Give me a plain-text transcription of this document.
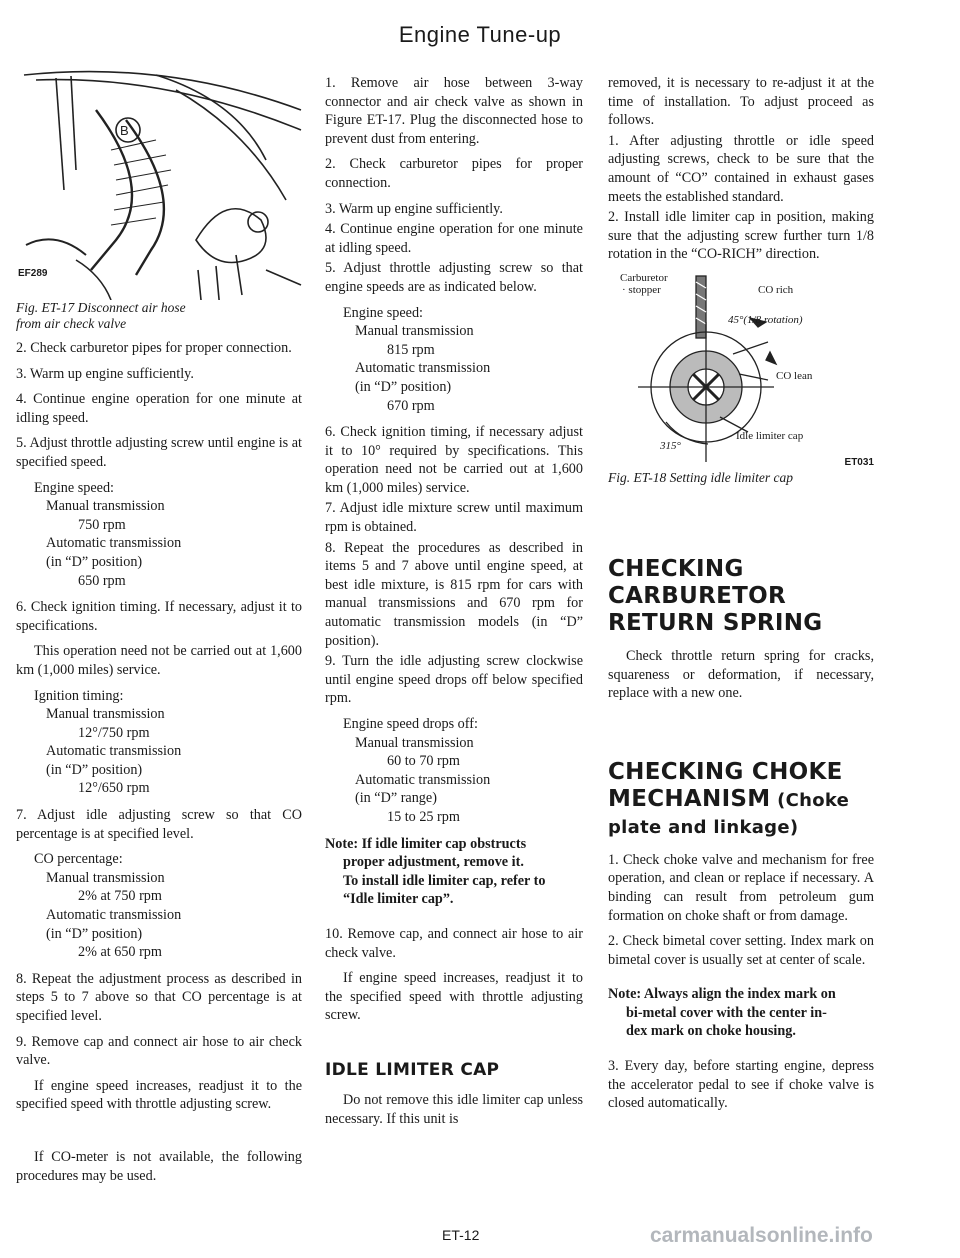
Engine Tune-up
B
EF289

Fig. ET-17 Disconnect air hose
from air check valve

2. Check carburetor pipes for proper connection.

3. Warm up engine sufficiently.

4. Continue engine operation for one minute at idling speed.

5. Adjust throttle adjusting screw until engine is at specified speed.

Engine speed:
Manual transmission
750 rpm
Automatic transmission
(in “D” position)
650 rpm

6. Check ignition timing. If necessary, adjust it to specifications.

This operation need not be carried out at 1,600 km (1,000 miles) service.

Ignition timing:
Manual transmission
12°/750 rpm
Automatic transmission
(in “D” position)
12°/650 rpm

7. Adjust idle adjusting screw so that CO percentage is at specified level.

CO percentage:
Manual transmission
2% at 750 rpm
Automatic transmission
(in “D” position)
2% at 650 rpm

8. Repeat the adjustment process as described in steps 5 to 7 above so that CO percentage is at specified level.

9. Remove cap and connect air hose to air check valve.

If engine speed increases, readjust it to the specified speed with throttle adjusting screw.

If CO-meter is not available, the following procedures may be used.

1. Remove air hose between 3-way connector and air check valve as shown in Figure ET-17. Plug the disconnected hose to prevent dust from entering.

2. Check carburetor pipes for proper connection.

3. Warm up engine sufficiently.

4. Continue engine operation for one minute at idling speed.

5. Adjust throttle adjusting screw so that engine speeds are as indicated below.

Engine speed:
Manual transmission
815 rpm
Automatic transmission
(in “D” position)
670 rpm

6. Check ignition timing, if necessary adjust it to 10° required by specifications. This operation need not be carried out at 1,600 km (1,000 miles) service.

7. Adjust idle mixture screw until maximum rpm is obtained.

8. Repeat the procedures as described in items 5 and 7 above until engine speed, at best idle mixture, is 815 rpm for cars with manual transmissions and 670 rpm for automatic transmission models (in “D” position).

9. Turn the idle adjusting screw clockwise until engine speed drops off below specified rpm.

Engine speed drops off:
Manual transmission
60 to 70 rpm
Automatic transmission
(in “D” range)
15 to 25 rpm
Note: If idle limiter cap obstructs
proper adjustment, remove it.
To install idle limiter cap, refer to
“Idle limiter cap”.

10. Remove cap, and connect air hose to air check valve.

If engine speed increases, readjust it to the specified speed with throttle adjusting screw.

IDLE LIMITER CAP

Do not remove this idle limiter cap unless necessary. If this unit is

removed, it is necessary to re-adjust it at the time of installation. To adjust proceed as follows.

1. After adjusting throttle or idle speed adjusting screws, check to be sure that the amount of “CO” contained in exhaust gases meets the established standard.

2. Install idle limiter cap in position, making sure that the adjusting screw further turn 1/8 rotation in the “CO-RICH” direction.

Carburetor
· stopper	CO rich
45°(1/8 rotation)
CO lean
315°
Idle limiter cap
ET031

Fig. ET-18 Setting idle limiter cap

CHECKING
CARBURETOR
RETURN SPRING

Check throttle return spring for cracks, squareness or deformation, if necessary, replace with a new one.

CHECKING CHOKE
MECHANISM (Choke
plate and linkage)

1. Check choke valve and mechanism for free operation, and clean or replace if necessary. A binding can result from petroleum gum formation on choke shaft or from damage.

2. Check bimetal cover setting. Index mark on bimetal cover is usually set at center of scale.

Note: Always align the index mark on
bi-metal cover with the center in-
dex mark on choke housing.

3. Every day, before starting engine, depress the accelerator pedal to see if choke valve is closed automatically.

ET-12	carmanualsonline.info
